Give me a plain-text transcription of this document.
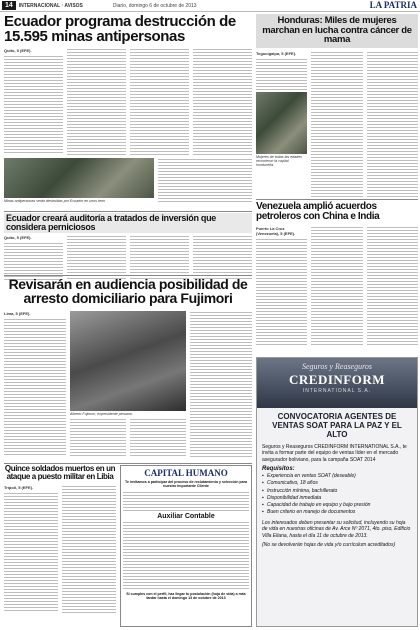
14	INTERNACIONAL · AVISOS	Diario, domingo 6 de octubre de 2013	LA PATRIA
Ecuador programa destrucción de 15.595 minas antipersonas
Quito, 5 (EFE).
Minas antipersonas serán destruidas por Ecuador en unos term
Honduras: Miles de mujeres marchan en lucha contra cáncer de mama
Tegucigalpa, 5 (EFE).
Mujeres de todas las edades recorrieron la capital hondureña.
Venezuela amplió acuerdos petroleros con China e India
Puerto La Cruz (Venezuela), 5 (EFE).
Ecuador creará auditoría a tratados de inversión que considera perniciosos
Quito, 5 (EFE).
Revisarán en audiencia posibilidad de arresto domiciliario para Fujimori
Lima, 5 (EFE).
Alberto Fujimori, expresidente peruano.
Seguros y Reaseguros
CREDINFORM
INTERNATIONAL S.A.
CONVOCATORIA AGENTES DE VENTAS SOAT PARA LA PAZ Y EL ALTO
Seguros y Reaseguros CREDINFORM INTERNATIONAL S.A., te invita a formar parte del equipo de ventas líder en el mercado asegurador boliviano, para la campaña SOAT 2014
Requisitos:
▪ Experiencia en ventas SOAT (deseable)
▪ Comunicativo, 18 años
▪ Instrucción mínima, bachillerato
▪ Disponibilidad inmediata
▪ Capacidad de trabajo en equipo y bajo presión
▪ Buen criterio en manejo de documentos
Los interesados deben presentar su solicitud, incluyendo su hoja de vida en nuestras oficinas de Av. Arce Nº 2071, 4to. piso, Edificio Villa Eliana, hasta el día 11 de octubre de 2013.
(No se devolverán hojas de vida y/o currículum acreditados)
Quince soldados muertos en un ataque a puesto militar en Libia
Trípoli, 5 (EFE).
CAPITAL HUMANO
Te invitamos a participar del proceso de reclutamiento y selección para nuestro importante Cliente
Auxiliar Contable
Si cumples con el perfil, haz llegar tu postulación (hoja de vida) a más tardar hasta el domingo 13 de octubre de 2013
